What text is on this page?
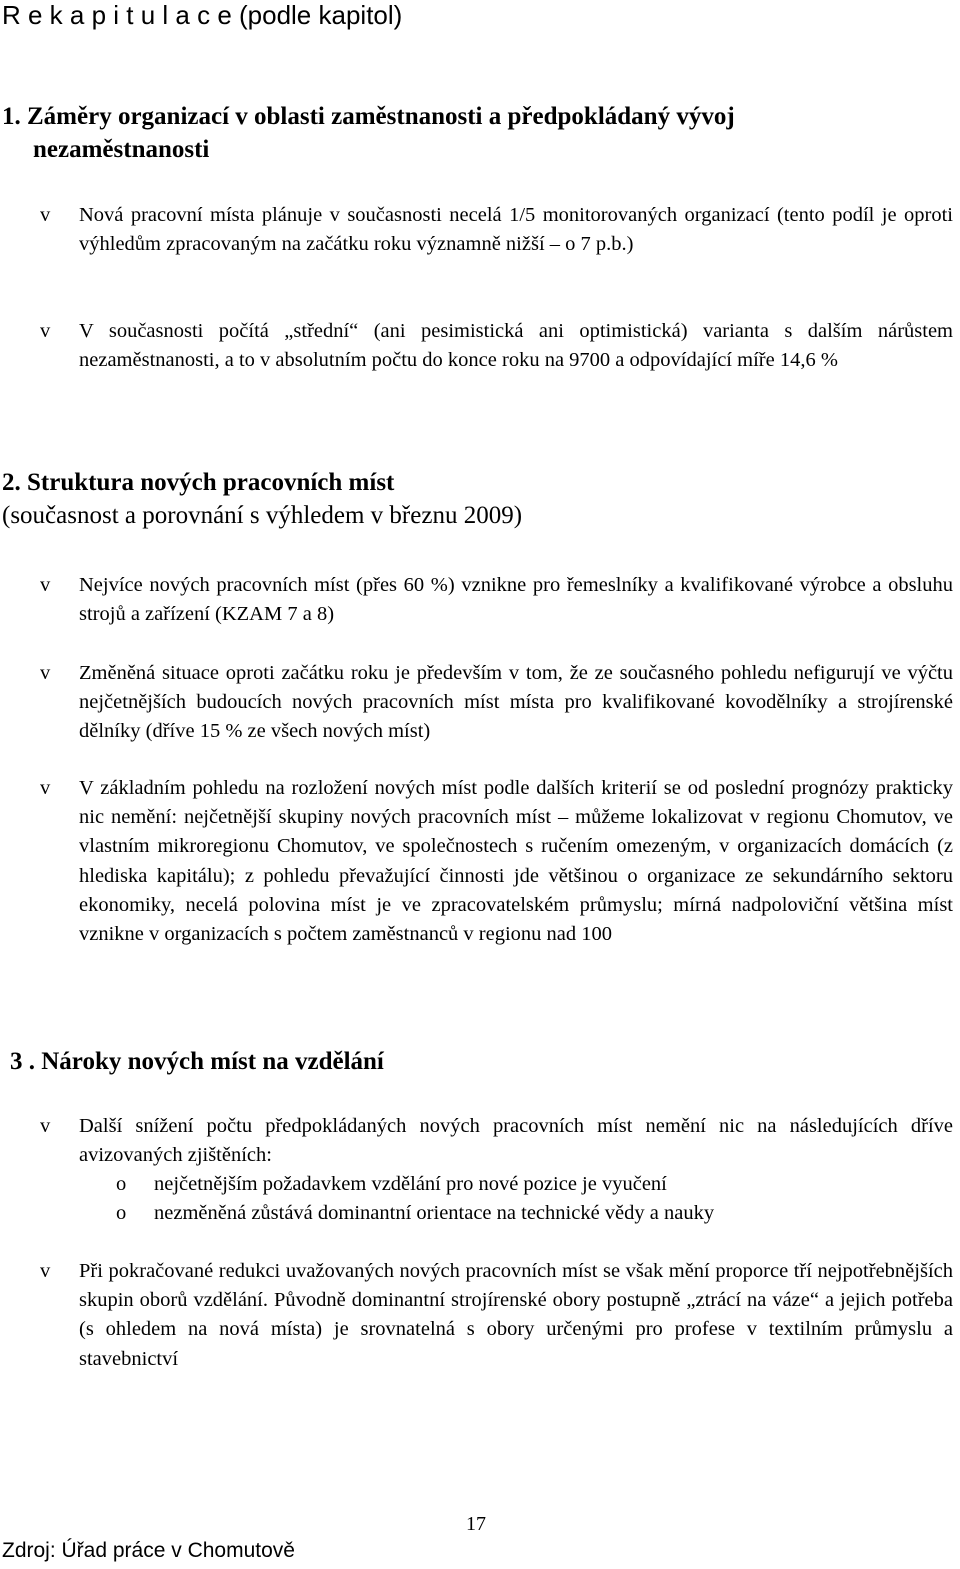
R e k a p i t u l a c e (podle kapitol)
1. Záměry organizací v oblasti zaměstnanosti a předpokládaný vývoj
nezaměstnanosti
v Nová pracovní místa plánuje v současnosti necelá 1/5 monitorovaných organizací (tento podíl je oproti výhledům zpracovaným na začátku roku významně nižší – o 7 p.b.)
v V současnosti počítá „střední“ (ani pesimistická ani optimistická) varianta s dalším nárůstem nezaměstnanosti, a to v absolutním počtu do konce roku na 9700 a odpovídající míře 14,6 %
2. Struktura nových pracovních míst
(současnost a porovnání s výhledem v březnu 2009)
v Nejvíce nových pracovních míst (přes 60 %) vznikne pro řemeslníky a kvalifikované výrobce a obsluhu strojů a zařízení (KZAM 7 a 8)
v Změněná situace oproti začátku roku je především v tom, že ze současného pohledu nefigurují ve výčtu nejčetnějších budoucích nových pracovních míst místa pro kvalifikované kovodělníky a strojírenské dělníky (dříve 15 % ze všech nových míst)
v V základním pohledu na rozložení nových míst podle dalších kriterií se od poslední prognózy prakticky nic nemění: nejčetnější skupiny nových pracovních míst – můžeme lokalizovat v regionu Chomutov, ve vlastním mikroregionu Chomutov, ve společnostech s ručením omezeným, v organizacích domácích (z hlediska kapitálu); z pohledu převažující činnosti jde většinou o organizace ze sekundárního sektoru ekonomiky, necelá polovina míst je ve zpracovatelském průmyslu; mírná nadpoloviční většina míst vznikne v organizacích s počtem zaměstnanců v regionu nad 100
3 . Nároky nových míst na vzdělání
v Další snížení počtu předpokládaných nových pracovních míst nemění nic na následujících dříve avizovaných zjištěních:
o nejčetnějším požadavkem vzdělání pro nové pozice je vyučení
o nezměněná zůstává dominantní orientace na technické vědy a nauky
v Při pokračované redukci uvažovaných nových pracovních míst se však mění proporce tří nejpotřebnějších skupin oborů vzdělání. Původně dominantní strojírenské obory postupně „ztrácí na váze“ a jejich potřeba (s ohledem na nová místa) je srovnatelná s obory určenými pro profese v textilním průmyslu a stavebnictví
17
Zdroj: Úřad práce v Chomutově
